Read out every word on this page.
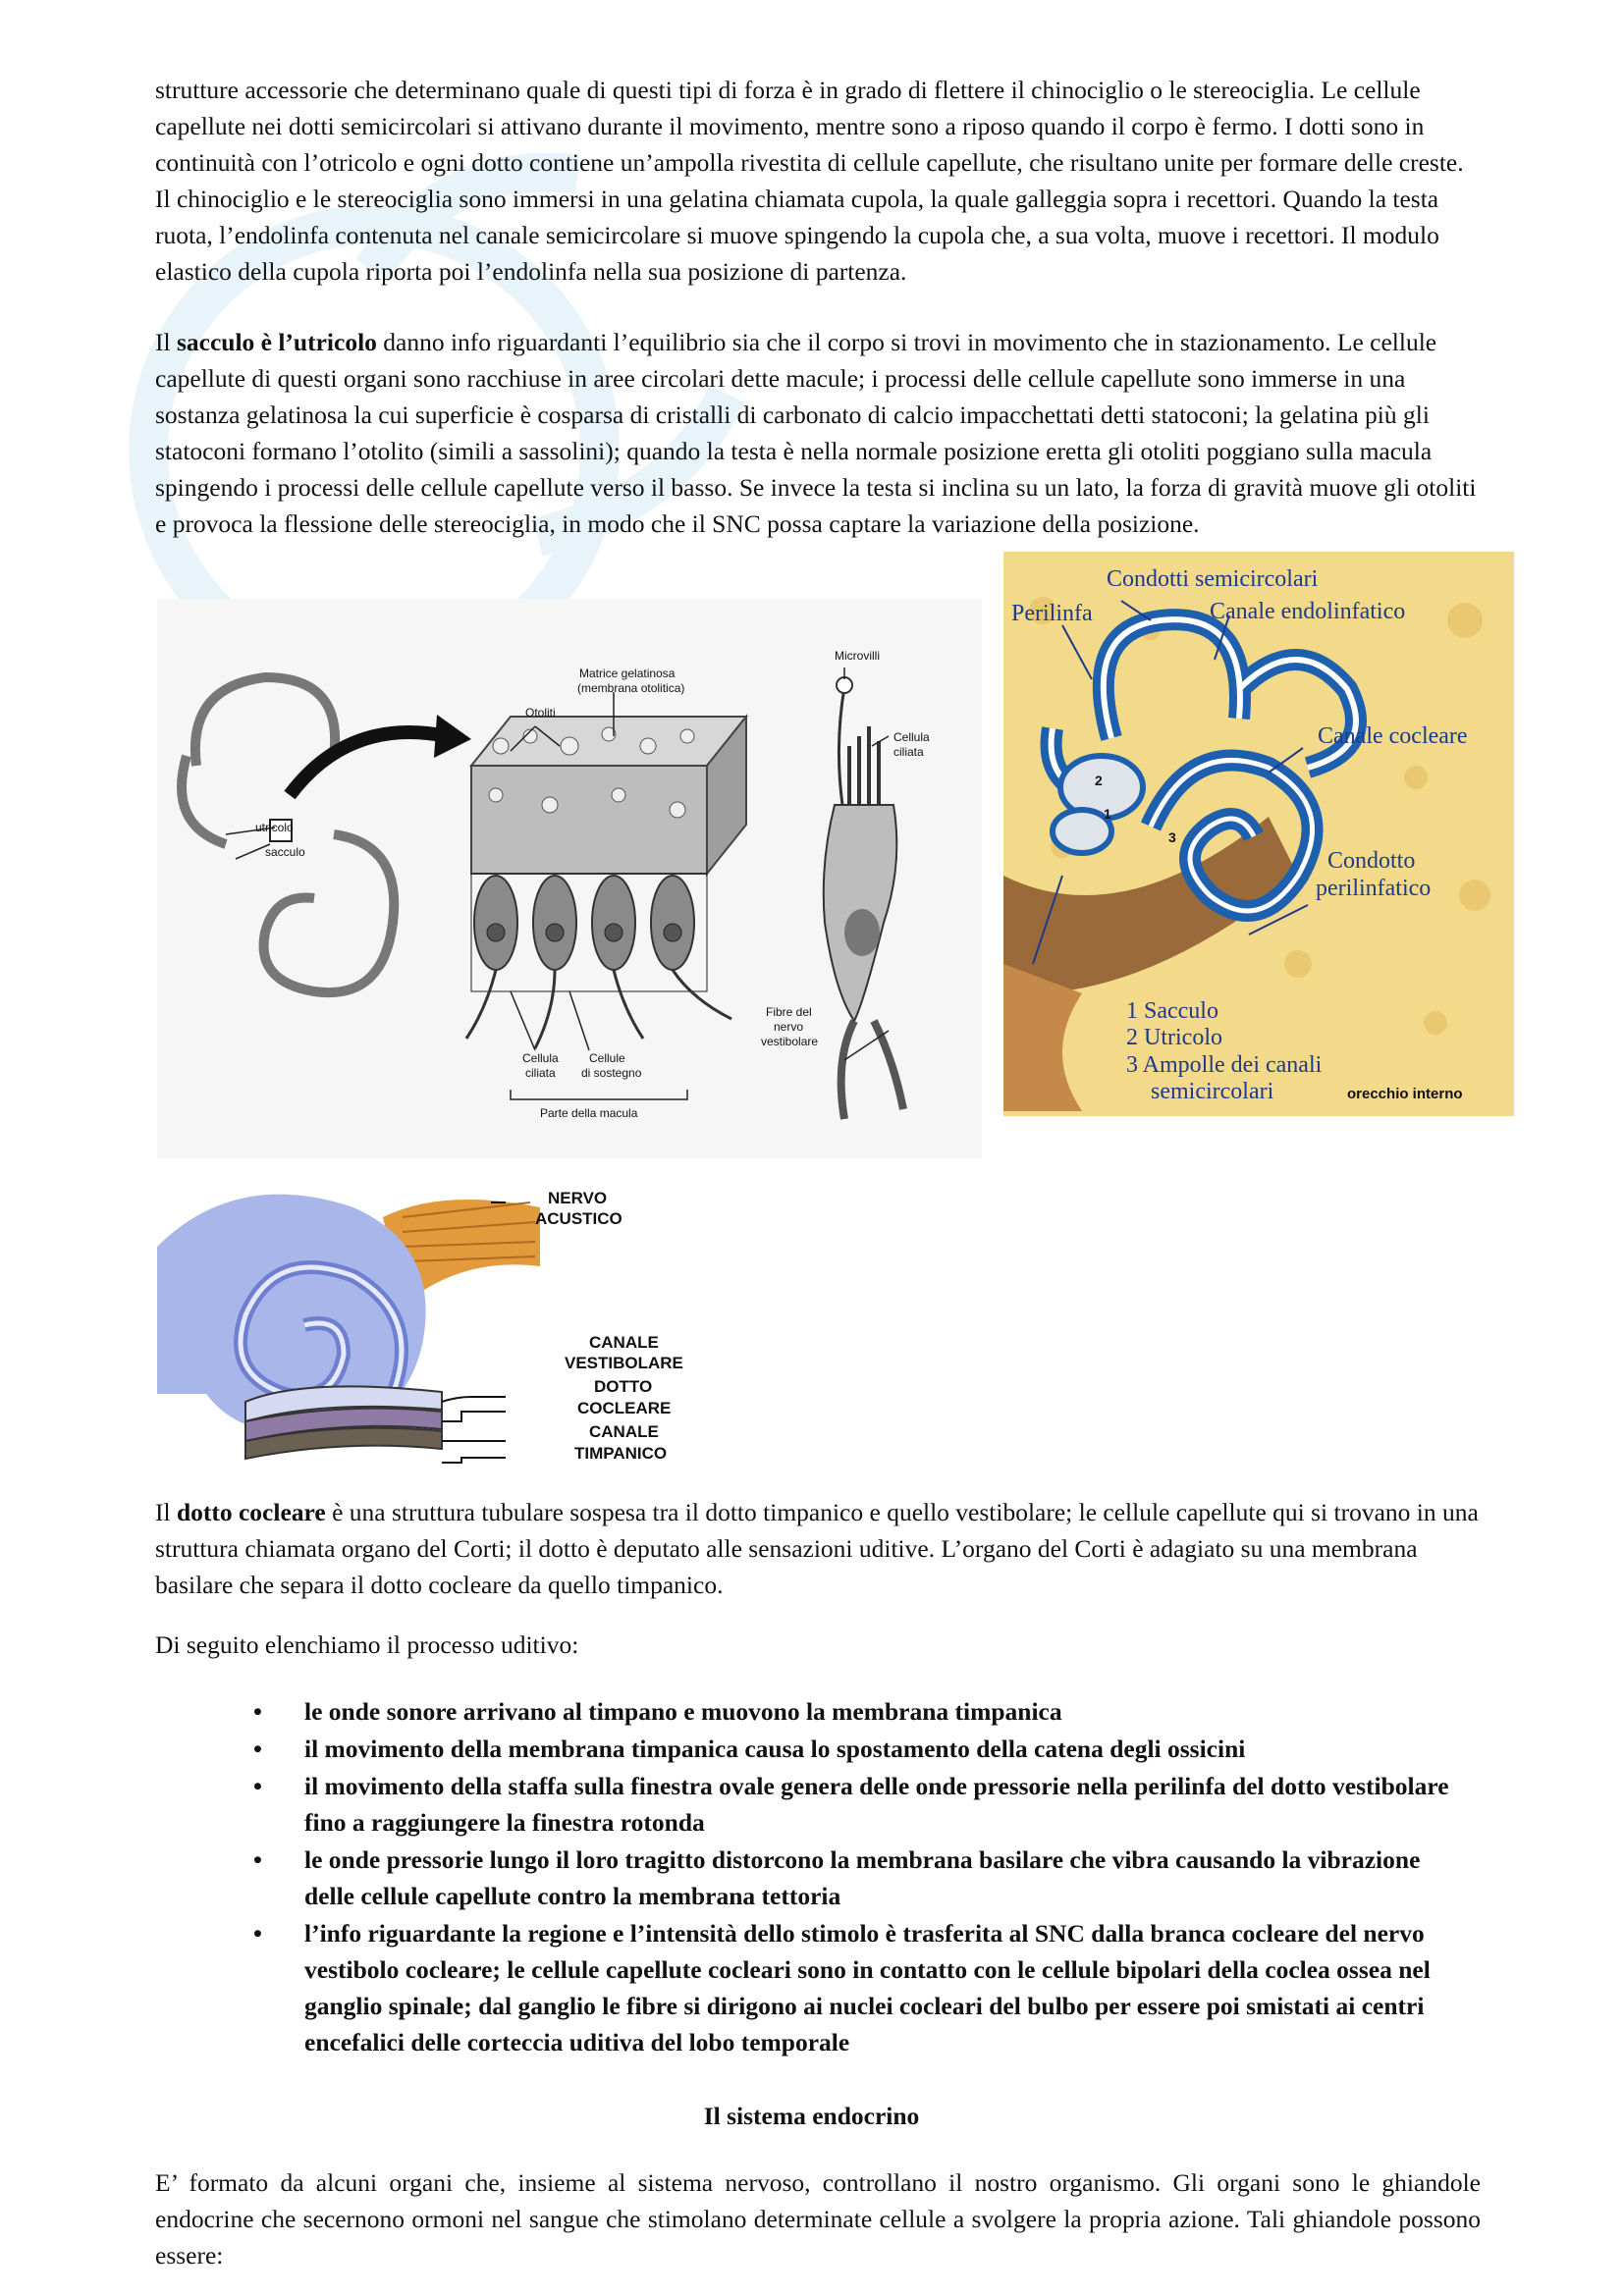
strutture accessorie che determinano quale di questi tipi di forza è in grado di flettere il chinociglio o le stereociglia. Le cellule capellute nei dotti semicircolari si attivano durante il movimento, mentre sono a riposo quando il corpo è fermo. I dotti sono in continuità con l’otricolo e ogni dotto contiene un’ampolla rivestita di cellule capellute, che risultano unite per formare delle creste. Il chinociglio e le stereociglia sono immersi in una gelatina chiamata cupola, la quale galleggia sopra i recettori. Quando la testa ruota, l’endolinfa contenuta nel canale semicircolare si muove spingendo la cupola che, a sua volta, muove i recettori. Il modulo elastico della cupola riporta poi l’endolinfa nella sua posizione di partenza.

Il sacculo è l’utricolo danno info riguardanti l’equilibrio sia che il corpo si trovi in movimento che in stazionamento. Le cellule capellute di questi organi sono racchiuse in aree circolari dette macule; i processi delle cellule capellute sono immerse in una sostanza gelatinosa la cui superficie è cosparsa di cristalli di carbonato di calcio impacchettati detti statoconi; la gelatina più gli statoconi formano l’otolito (simili a sassolini); quando la testa è nella normale posizione eretta gli otoliti poggiano sulla macula spingendo i processi delle cellule capellute verso il basso. Se invece la testa si inclina su un lato, la forza di gravità muove gli otoliti e provoca la flessione delle stereociglia, in modo che il SNC possa captare la variazione della posizione.

utricolo
sacculo
Otoliti
Matrice gelatinosa
(membrana otolitica)
Microvilli
Cellula
ciliata
Fibre del
nervo
vestibolare
Cellula
ciliata
Cellule
di sostegno
Parte della macula
2
1
3
Condotti semicircolari
Perilinfa	Canale endolinfatico
Canale cocleare
Condotto
perilinfatico
1 Sacculo
2 Utricolo
3 Ampolle dei canali
semicircolari	orecchio interno
NERVO
ACUSTICO
CANALE
VESTIBOLARE
DOTTO
COCLEARE
CANALE
TIMPANICO

Il dotto cocleare è una struttura tubulare sospesa tra il dotto timpanico e quello vestibolare; le cellule capellute qui si trovano in una struttura chiamata organo del Corti; il dotto è deputato alle sensazioni uditive. L’organo del Corti è adagiato su una membrana basilare che separa il dotto cocleare da quello timpanico.

Di seguito elenchiamo il processo uditivo:

• le onde sonore arrivano al timpano e muovono la membrana timpanica
• il movimento della membrana timpanica causa lo spostamento della catena degli ossicini
• il movimento della staffa sulla finestra ovale genera delle onde pressorie nella perilinfa del dotto vestibolare fino a raggiungere la finestra rotonda
• le onde pressorie lungo il loro tragitto distorcono la membrana basilare che vibra causando la vibrazione delle cellule capellute contro la membrana tettoria
• l’info riguardante la regione e l’intensità dello stimolo è trasferita al SNC dalla branca cocleare del nervo vestibolo cocleare; le cellule capellute cocleari sono in contatto con le cellule bipolari della coclea ossea nel ganglio spinale; dal ganglio le fibre si dirigono ai nuclei cocleari del bulbo per essere poi smistati ai centri encefalici delle cortеccia uditiva del lobo temporale
Il sistema endocrino

E’ formato da alcuni organi che, insieme al sistema nervoso, controllano il nostro organismo. Gli organi sono le ghiandole endocrine che secernono ormoni nel sangue che stimolano determinate cellule a svolgere la propria azione. Tali ghiandole possono essere:
